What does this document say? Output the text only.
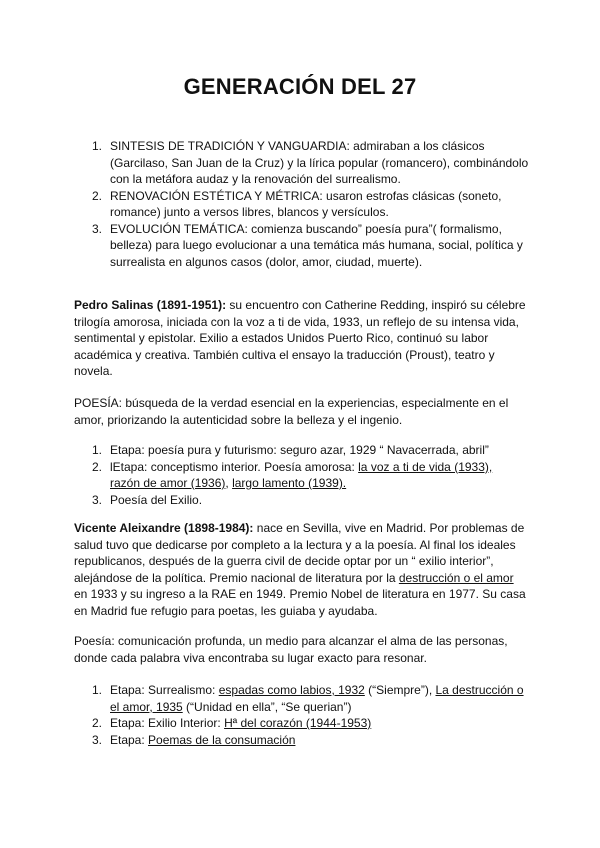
GENERACIÓN DEL 27
1. SINTESIS DE TRADICIÓN Y VANGUARDIA: admiraban a los clásicos (Garcilaso, San Juan de la Cruz) y la lírica popular (romancero), combinándolo con la metáfora audaz y la renovación del surrealismo.
2. RENOVACIÓN ESTÉTICA Y MÉTRICA: usaron estrofas clásicas (soneto, romance) junto a versos libres, blancos y versículos.
3. EVOLUCIÓN TEMÁTICA: comienza buscando” poesía pura”( formalismo, belleza) para luego evolucionar a una temática más humana, social, política y surrealista en algunos casos (dolor, amor, ciudad, muerte).

Pedro Salinas (1891-1951): su encuentro con Catherine Redding, inspiró su célebre trilogía amorosa, iniciada con la voz a ti de vida, 1933, un reflejo de su intensa vida, sentimental y epistolar. Exilio a estados Unidos Puerto Rico, continuó su labor académica y creativa. También cultiva el ensayo la traducción (Proust), teatro y novela.

POESÍA: búsqueda de la verdad esencial en la experiencias, especialmente en el amor, priorizando la autenticidad sobre la belleza y el ingenio.

1. Etapa: poesía pura y futurismo: seguro azar, 1929 “ Navacerrada, abril”
2. lEtapa: conceptismo interior. Poesía amorosa: la voz a ti de vida (1933), razón de amor (1936), largo lamento (1939).
3. Poesía del Exilio.

Vicente Aleixandre (1898-1984): nace en Sevilla, vive en Madrid. Por problemas de salud tuvo que dedicarse por completo a la lectura y a la poesía. Al final los ideales republicanos, después de la guerra civil de decide optar por un “ exilio interior”, alejándose de la política. Premio nacional de literatura por la destrucción o el amor en 1933 y su ingreso a la RAE en 1949. Premio Nobel de literatura en 1977. Su casa en Madrid fue refugio para poetas, les guiaba y ayudaba.

Poesía: comunicación profunda, un medio para alcanzar el alma de las personas, donde cada palabra viva encontraba su lugar exacto para resonar.

1. Etapa: Surrealismo: espadas como labios, 1932 (“Siempre”), La destrucción o el amor, 1935 (“Unidad en ella”, “Se querian”)
2. Etapa: Exilio Interior: Hª del corazón (1944-1953)
3. Etapa: Poemas de la consumación
